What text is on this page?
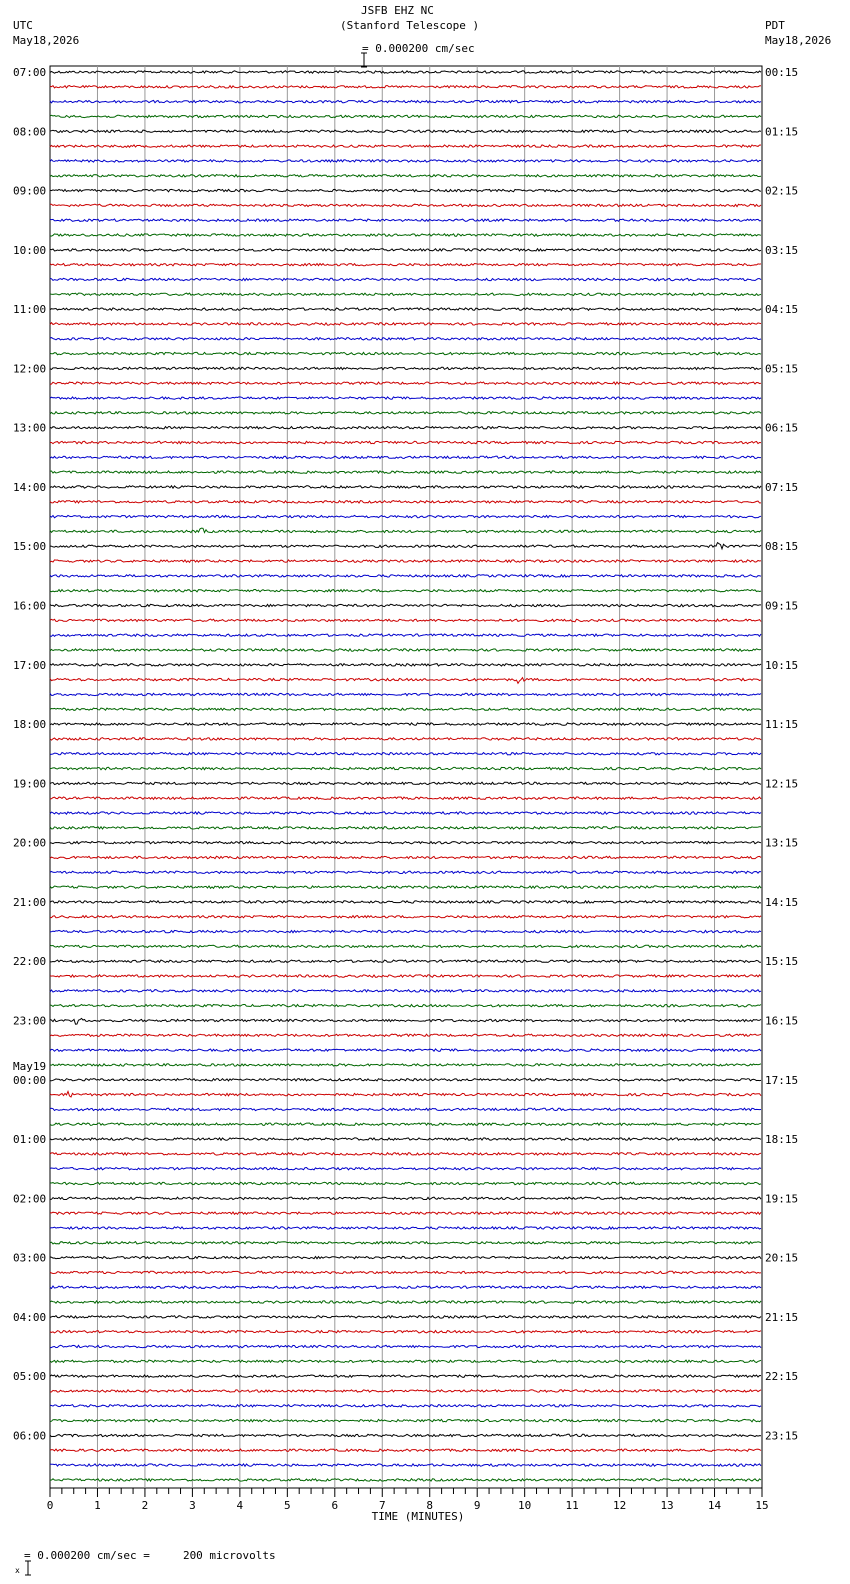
JSFB EHZ NC
(Stanford Telescope )
UTC
May18,2026
PDT
May18,2026

= 0.000200 cm/sec
07:00
08:00
09:00
10:00
11:00
12:00
13:00
14:00
15:00
16:00
17:00
18:00
19:00
20:00
21:00
22:00
23:00
00:00
01:00
02:00
03:00
04:00
05:00
06:00
May19
00:15
01:15
02:15
03:15
04:15
05:15
06:15
07:15
08:15
09:15
10:15
11:15
12:15
13:15
14:15
15:15
16:15
17:15
18:15
19:15
20:15
21:15
22:15
23:15
0	1	2	3	4	5	6	7	8	9	10	11	12	13	14	15
TIME (MINUTES)

x

= 0.000200 cm/sec =     200 microvolts
